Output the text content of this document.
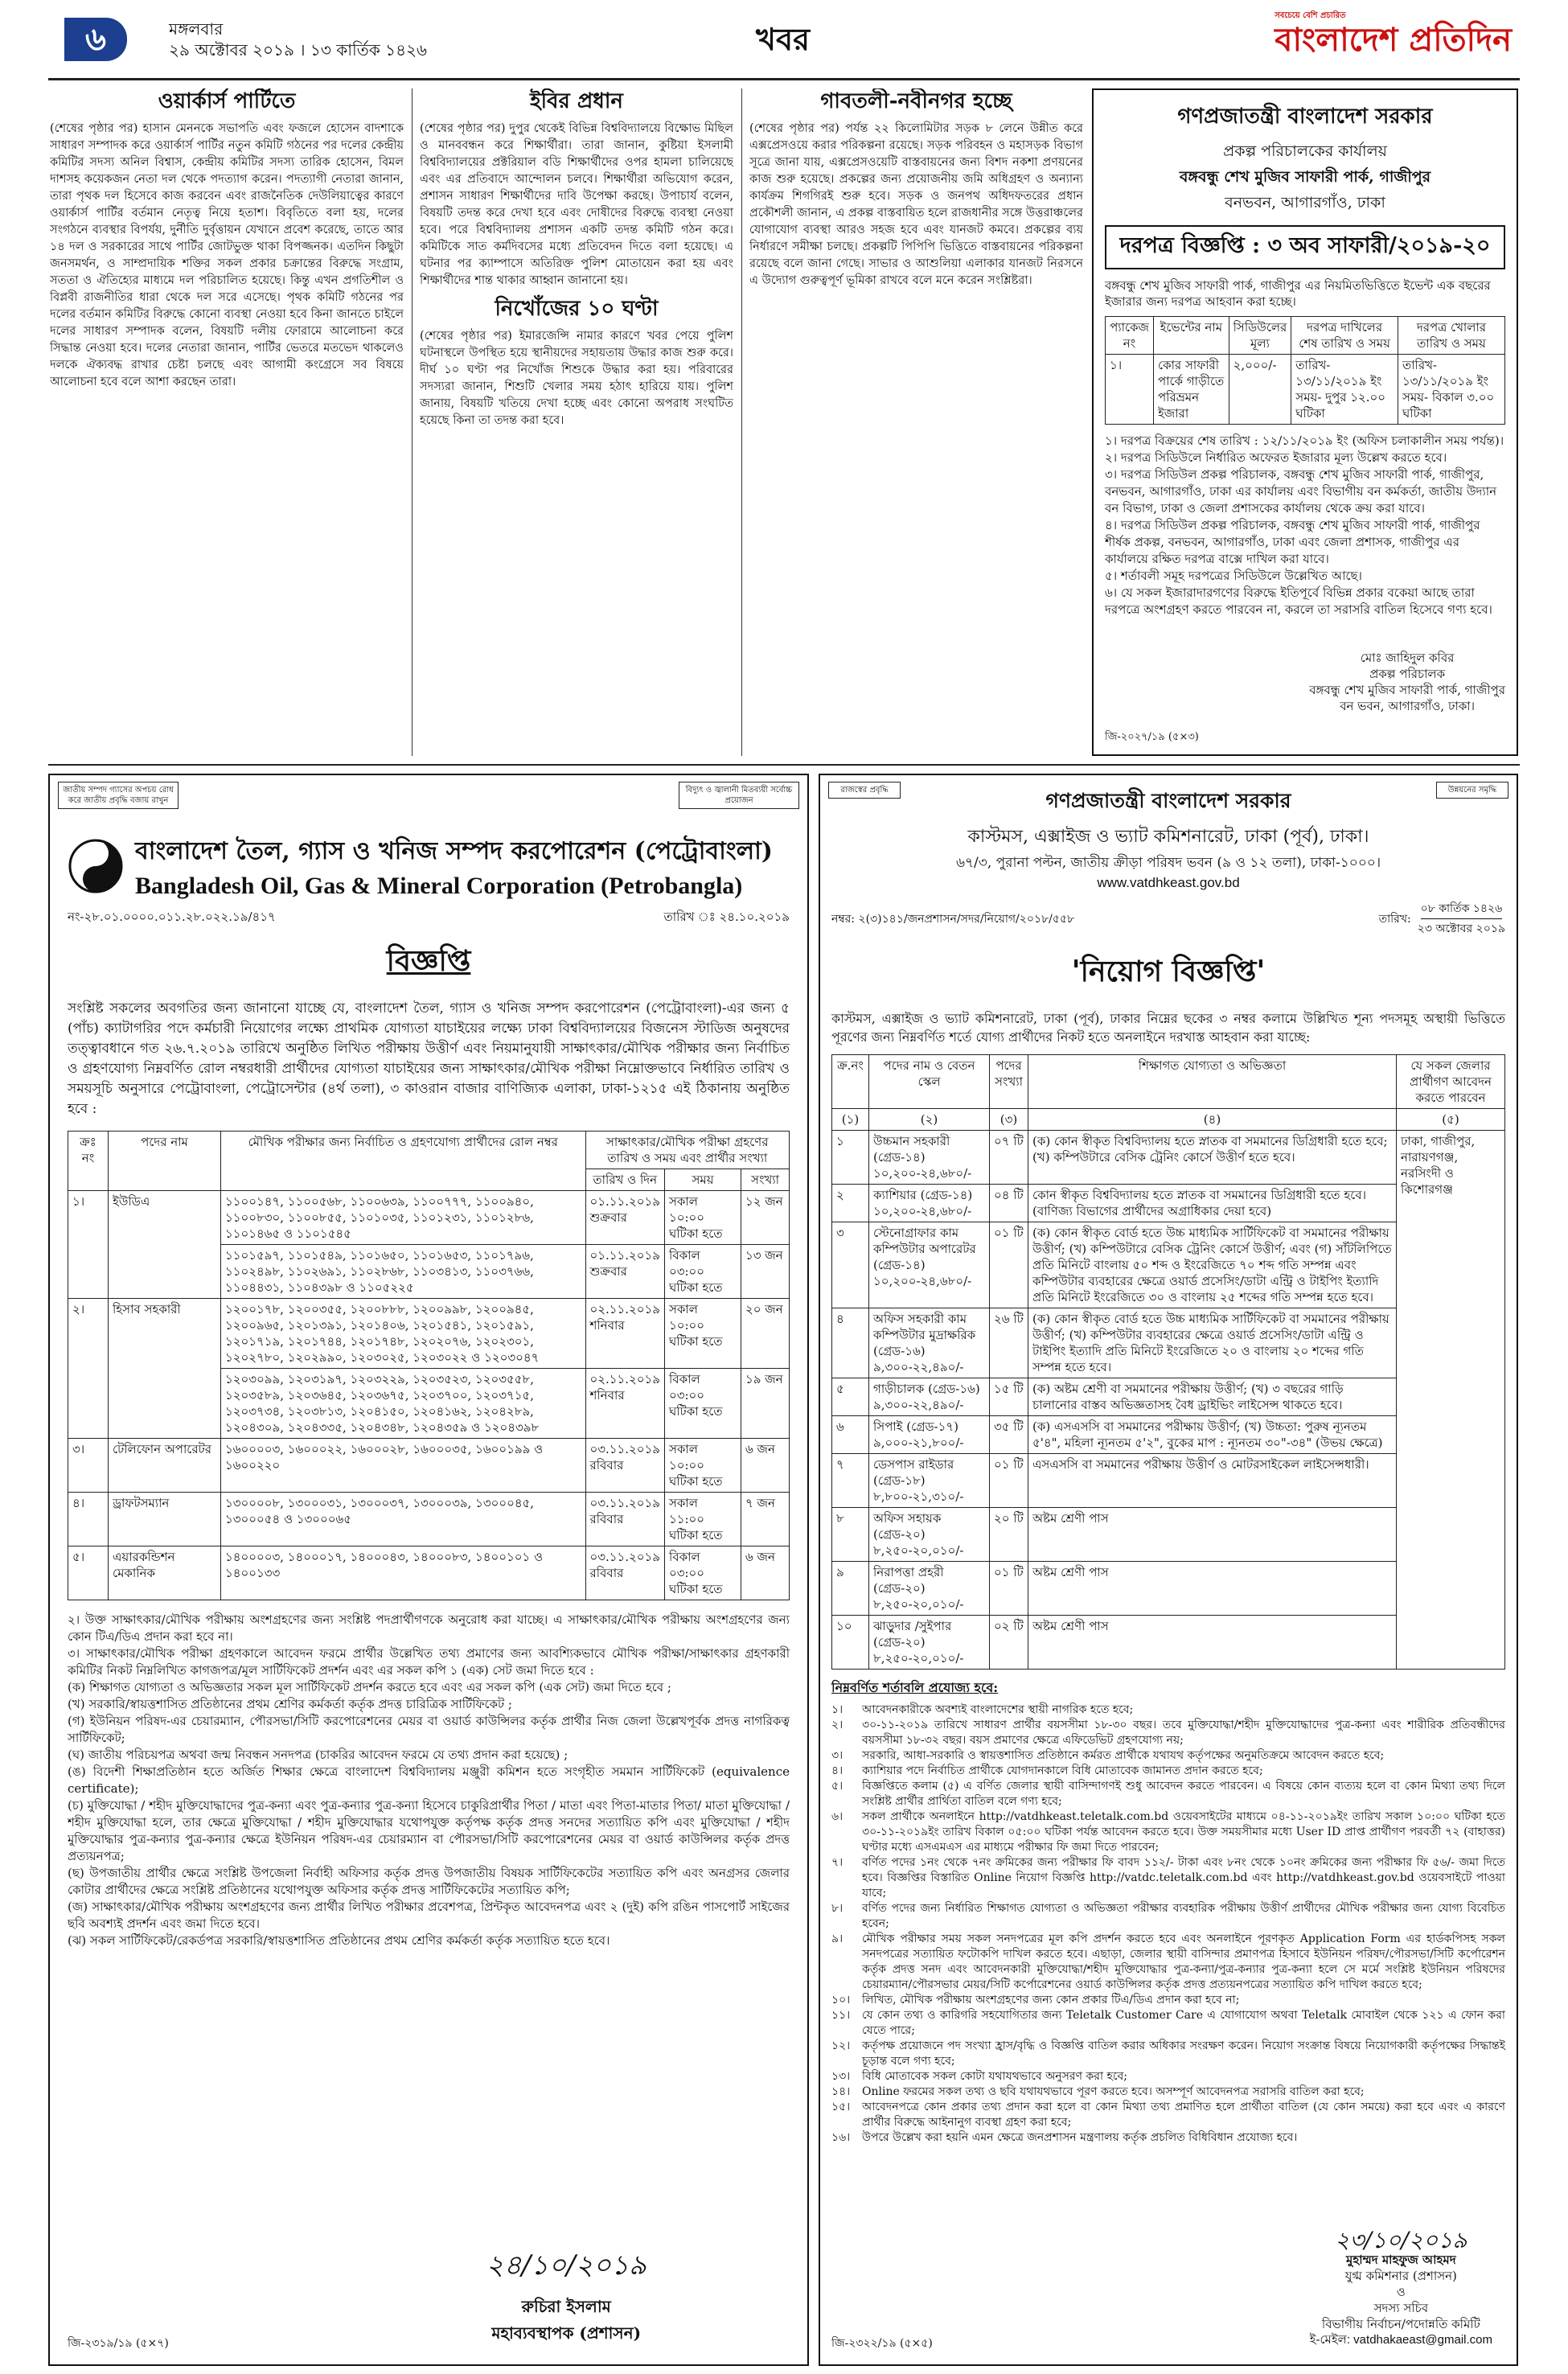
৬	মঙ্গলবার
২৯ অক্টোবর ২০১৯ । ১৩ কার্তিক ১৪২৬	খবর
সবচেয়ে বেশি প্রচারিত
বাংলাদেশ প্রতিদিন
ওয়ার্কার্স পার্টিতে

(শেষের পৃষ্ঠার পর) হাসান মেননকে সভাপতি এবং ফজলে হোসেন বাদশাকে সাধারণ সম্পাদক করে ওয়ার্কার্স পার্টির নতুন কমিটি গঠনের পর দলের কেন্দ্রীয় কমিটির সদস্য অনিল বিশ্বাস, কেন্দ্রীয় কমিটির সদস্য তারিক হোসেন, বিমল দাশসহ কয়েকজন নেতা দল থেকে পদত্যাগ করেন। পদত্যাগী নেতারা জানান, তারা পৃথক দল হিসেবে কাজ করবেন এবং রাজনৈতিক দেউলিয়াত্বের কারণে ওয়ার্কার্স পার্টির বর্তমান নেতৃত্ব নিয়ে হতাশ। বিবৃতিতে বলা হয়, দলের সংগঠনে ব্যবস্থার বিপর্যয়, দুর্নীতি দুর্বৃত্তায়ন যেখানে প্রবেশ করেছে, তাতে আর ১৪ দল ও সরকারের সাথে পার্টির জোটভুক্ত থাকা বিপজ্জনক। এতদিন কিছুটা জনসমর্থন, ও সাম্প্রদায়িক শক্তির সকল প্রকার চক্রান্তের বিরুদ্ধে সংগ্রাম, সততা ও ঐতিহ্যের মাধ্যমে দল পরিচালিত হয়েছে। কিন্তু এখন প্রগতিশীল ও বিপ্লবী রাজনীতির ধারা থেকে দল সরে এসেছে। পৃথক কমিটি গঠনের পর দলের বর্তমান কমিটির বিরুদ্ধে কোনো ব্যবস্থা নেওয়া হবে কিনা জানতে চাইলে দলের সাধারণ সম্পাদক বলেন, বিষয়টি দলীয় ফোরামে আলোচনা করে সিদ্ধান্ত নেওয়া হবে। দলের নেতারা জানান, পার্টির ভেতরে মতভেদ থাকলেও দলকে ঐক্যবদ্ধ রাখার চেষ্টা চলছে এবং আগামী কংগ্রেসে সব বিষয়ে আলোচনা হবে বলে আশা করছেন তারা।

ইবির প্রধান

(শেষের পৃষ্ঠার পর) দুপুর থেকেই বিভিন্ন বিশ্ববিদ্যালয়ে বিক্ষোভ মিছিল ও মানববন্ধন করে শিক্ষার্থীরা। তারা জানান, কুষ্টিয়া ইসলামী বিশ্ববিদ্যালয়ের প্রক্টরিয়াল বডি শিক্ষার্থীদের ওপর হামলা চালিয়েছে এবং এর প্রতিবাদে আন্দোলন চলবে। শিক্ষার্থীরা অভিযোগ করেন, প্রশাসন সাধারণ শিক্ষার্থীদের দাবি উপেক্ষা করছে। উপাচার্য বলেন, বিষয়টি তদন্ত করে দেখা হবে এবং দোষীদের বিরুদ্ধে ব্যবস্থা নেওয়া হবে। পরে বিশ্ববিদ্যালয় প্রশাসন একটি তদন্ত কমিটি গঠন করে। কমিটিকে সাত কর্মদিবসের মধ্যে প্রতিবেদন দিতে বলা হয়েছে। এ ঘটনার পর ক্যাম্পাসে অতিরিক্ত পুলিশ মোতায়েন করা হয় এবং শিক্ষার্থীদের শান্ত থাকার আহ্বান জানানো হয়।

নিখোঁজের ১০ ঘণ্টা

(শেষের পৃষ্ঠার পর) ইমারজেন্সি নামার কারণে খবর পেয়ে পুলিশ ঘটনাস্থলে উপস্থিত হয়ে স্থানীয়দের সহায়তায় উদ্ধার কাজ শুরু করে। দীর্ঘ ১০ ঘণ্টা পর নিখোঁজ শিশুকে উদ্ধার করা হয়। পরিবারের সদস্যরা জানান, শিশুটি খেলার সময় হঠাৎ হারিয়ে যায়। পুলিশ জানায়, বিষয়টি খতিয়ে দেখা হচ্ছে এবং কোনো অপরাধ সংঘটিত হয়েছে কিনা তা তদন্ত করা হবে।

গাবতলী-নবীনগর হচ্ছে

(শেষের পৃষ্ঠার পর) পর্যন্ত ২২ কিলোমিটার সড়ক ৮ লেনে উন্নীত করে এক্সপ্রেসওয়ে করার পরিকল্পনা রয়েছে। সড়ক পরিবহন ও মহাসড়ক বিভাগ সূত্রে জানা যায়, এক্সপ্রেসওয়েটি বাস্তবায়নের জন্য বিশদ নকশা প্রণয়নের কাজ শুরু হয়েছে। প্রকল্পের জন্য প্রয়োজনীয় জমি অধিগ্রহণ ও অন্যান্য কার্যক্রম শিগগিরই শুরু হবে। সড়ক ও জনপথ অধিদফতরের প্রধান প্রকৌশলী জানান, এ প্রকল্প বাস্তবায়িত হলে রাজধানীর সঙ্গে উত্তরাঞ্চলের যোগাযোগ ব্যবস্থা আরও সহজ হবে এবং যানজট কমবে। প্রকল্পের ব্যয় নির্ধারণে সমীক্ষা চলছে। প্রকল্পটি পিপিপি ভিত্তিতে বাস্তবায়নের পরিকল্পনা রয়েছে বলে জানা গেছে। সাভার ও আশুলিয়া এলাকার যানজট নিরসনে এ উদ্যোগ গুরুত্বপূর্ণ ভূমিকা রাখবে বলে মনে করেন সংশ্লিষ্টরা।

গণপ্রজাতন্ত্রী বাংলাদেশ সরকার
প্রকল্প পরিচালকের কার্যালয়
বঙ্গবন্ধু শেখ মুজিব সাফারী পার্ক, গাজীপুর
বনভবন, আগারগাঁও, ঢাকা
দরপত্র বিজ্ঞপ্তি : ৩ অব সাফারী/২০১৯-২০
বঙ্গবন্ধু শেখ মুজিব সাফারী পার্ক, গাজীপুর এর নিয়মিতভিত্তিতে ইভেন্ট এক বছরের ইজারার জন্য দরপত্র আহবান করা হচ্ছে।
প্যাকেজ নং	ইভেন্টের নাম	সিডিউলের মূল্য	দরপত্র দাখিলের শেষ তারিখ ও সময়	দরপত্র খোলার তারিখ ও সময়
১।	কোর সাফারী পার্কে গাড়ীতে পরিভ্রমন ইজারা	২,০০০/-	তারিখ- ১৩/১১/২০১৯ ইং সময়- দুপুর ১২.০০ ঘটিকা	তারিখ- ১৩/১১/২০১৯ ইং সময়- বিকাল ৩.০০ ঘটিকা

১। দরপত্র বিক্রয়ের শেষ তারিখ : ১২/১১/২০১৯ ইং (অফিস চলাকালীন সময় পর্যন্ত)।

২। দরপত্র সিডিউলে নির্ধারিত অফেরত ইজারার মূল্য উল্লেখ করতে হবে।

৩। দরপত্র সিডিউল প্রকল্প পরিচালক, বঙ্গবন্ধু শেখ মুজিব সাফারী পার্ক, গাজীপুর, বনভবন, আগারগাঁও, ঢাকা এর কার্যালয় এবং বিভাগীয় বন কর্মকর্তা, জাতীয় উদ্যান বন বিভাগ, ঢাকা ও জেলা প্রশাসকের কার্যালয় থেকে ক্রয় করা যাবে।

৪। দরপত্র সিডিউল প্রকল্প পরিচালক, বঙ্গবন্ধু শেখ মুজিব সাফারী পার্ক, গাজীপুর শীর্ষক প্রকল্প, বনভবন, আগারগাঁও, ঢাকা এবং জেলা প্রশাসক, গাজীপুর এর কার্যালয়ে রক্ষিত দরপত্র বাক্সে দাখিল করা যাবে।

৫। শর্তাবলী সমূহ দরপত্রের সিডিউলে উল্লেখিত আছে।

৬। যে সকল ইজারাদারগণের বিরুদ্ধে ইতিপূর্বে বিভিন্ন প্রকার বকেয়া আছে তারা দরপত্রে অংশগ্রহণ করতে পারবেন না, করলে তা সরাসরি বাতিল হিসেবে গণ্য হবে।

মোঃ জাহিদুল কবির
প্রকল্প পরিচালক
বঙ্গবন্ধু শেখ মুজিব সাফারী পার্ক, গাজীপুর
বন ভবন, আগারগাঁও, ঢাকা।
জি-২০২৭/১৯ (৫×৩)
জাতীয় সম্পদ গ্যাসের অপচয় রোধ করে জাতীয় প্রবৃদ্ধি বজায় রাখুন
বিদ্যুৎ ও জ্বালানী মিতব্যয়ী সর্বোচ্চ প্রয়োজন
বাংলাদেশ তৈল, গ্যাস ও খনিজ সম্পদ করপোরেশন (পেট্রোবাংলা)
Bangladesh Oil, Gas & Mineral Corporation (Petrobangla)
নং-২৮.০১.০০০০.০১১.২৮.০২২.১৯/৪১৭	তারিখ ঃ ২৪.১০.২০১৯
বিজ্ঞপ্তি
সংশ্লিষ্ট সকলের অবগতির জন্য জানানো যাচ্ছে যে, বাংলাদেশ তৈল, গ্যাস ও খনিজ সম্পদ করপোরেশন (পেট্রোবাংলা)-এর জন্য ৫ (পাঁচ) ক্যাটাগরির পদে কর্মচারী নিয়োগের লক্ষ্যে প্রাথমিক যোগ্যতা যাচাইয়ের লক্ষ্যে ঢাকা বিশ্ববিদ্যালয়ের বিজনেস স্টাডিজ অনুষদের তত্ত্বাবধানে গত ২৬.৭.২০১৯ তারিখে অনুষ্ঠিত লিখিত পরীক্ষায় উত্তীর্ণ এবং নিয়মানুযায়ী সাক্ষাৎকার/মৌখিক পরীক্ষার জন্য নির্বাচিত ও গ্রহণযোগ্য নিম্নবর্ণিত রোল নম্বরধারী প্রার্থীদের যোগ্যতা যাচাইয়ের জন্য সাক্ষাৎকার/মৌখিক পরীক্ষা নিম্নোক্তভাবে নির্ধারিত তারিখ ও সময়সূচি অনুসারে পেট্রোবাংলা, পেট্রোসেন্টার (৪র্থ তলা), ৩ কাওরান বাজার বাণিজ্যিক এলাকা, ঢাকা-১২১৫ এই ঠিকানায় অনুষ্ঠিত হবে :
ক্রঃ নং	পদের নাম	মৌখিক পরীক্ষার জন্য নির্বাচিত ও গ্রহণযোগ্য প্রার্থীদের রোল নম্বর	সাক্ষাৎকার/মৌখিক পরীক্ষা গ্রহণের তারিখ ও সময় এবং প্রার্থীর সংখ্যা		
			তারিখ ও দিন	সময়	সংখ্যা
১।	ইউডিএ	১১০০১৪৭, ১১০০৫৬৮, ১১০০৬৩৯, ১১০০৭৭৭, ১১০০৯৪০, ১১০০৮৩০, ১১০০৮৫৫, ১১০১০৩৫, ১১০১২৩১, ১১০১২৮৬, ১১০১৪৬৫ ও ১১০১৫৪৫	০১.১১.২০১৯ শুক্রবার	সকাল ১০:০০ ঘটিকা হতে	১২ জন
		১১০১৫৯৭, ১১০১৫৪৯, ১১০১৬৫০, ১১০১৬৫৩, ১১০১৭৯৬, ১১০২৪৯৮, ১১০২৬৯১, ১১০২৮৬৮, ১১০৩৪১৩, ১১০৩৭৬৬, ১১০৪৪৩১, ১১০৪৩৯৮ ও ১১০৫২২৫	০১.১১.২০১৯ শুক্রবার	বিকাল ০৩:০০ ঘটিকা হতে	১৩ জন
২।	হিসাব সহকারী	১২০০১৭৮, ১২০০৩৫৫, ১২০০৮৮৮, ১২০০৯৯৮, ১২০০৯৪৫, ১২০০৯৬৫, ১২০১৩৯১, ১২০১৪০৬, ১২০১৫৪১, ১২০১৫৯১, ১২০১৭১৯, ১২০১৭৪৪, ১২০১৭৪৮, ১২০২০৭৬, ১২০২৩০১, ১২০২৭৮০, ১২০২৯৯০, ১২০৩০২৫, ১২০৩০২২ ও ১২০৩০৪৭	০২.১১.২০১৯ শনিবার	সকাল ১০:০০ ঘটিকা হতে	২০ জন
		১২০৩০৯৯, ১২০৩১৯৭, ১২০৩২২৯, ১২০৩৫২৩, ১২০৩৫৫৮, ১২০৩৫৮৯, ১২০৩৬৪৫, ১২০৩৬৭৫, ১২০৩৭০০, ১২০৩৭১৫, ১২০৩৭৩৪, ১২০৩৮১৩, ১২০৪১৫০, ১২০৪১৬২, ১২০৪২৮৯, ১২০৪৩০৯, ১২০৪৩৩৫, ১২০৪৩৪৮, ১২০৪৩৫৯ ও ১২০৪৩৯৮	০২.১১.২০১৯ শনিবার	বিকাল ০৩:০০ ঘটিকা হতে	১৯ জন
৩।	টেলিফোন অপারেটর	১৬০০০০৩, ১৬০০০২২, ১৬০০০২৮, ১৬০০০৩৫, ১৬০০১৯৯ ও ১৬০০২২০	০৩.১১.২০১৯ রবিবার	সকাল ১০:০০ ঘটিকা হতে	৬ জন
৪।	ড্রাফটসম্যান	১৩০০০০৮, ১৩০০০৩১, ১৩০০০৩৭, ১৩০০০৩৯, ১৩০০০৪৫, ১৩০০০৫৪ ও ১৩০০০৬৫	০৩.১১.২০১৯ রবিবার	সকাল ১১:০০ ঘটিকা হতে	৭ জন
৫।	এয়ারকন্ডিশন মেকানিক	১৪০০০০৩, ১৪০০০১৭, ১৪০০০৪৩, ১৪০০০৮৩, ১৪০০১০১ ও ১৪০০১৩৩	০৩.১১.২০১৯ রবিবার	বিকাল ০৩:০০ ঘটিকা হতে	৬ জন

২। উক্ত সাক্ষাৎকার/মৌখিক পরীক্ষায় অংশগ্রহণের জন্য সংশ্লিষ্ট পদপ্রার্থীগণকে অনুরোধ করা যাচ্ছে। এ সাক্ষাৎকার/মৌখিক পরীক্ষায় অংশগ্রহণের জন্য কোন টিএ/ডিএ প্রদান করা হবে না।

৩। সাক্ষাৎকার/মৌখিক পরীক্ষা গ্রহণকালে আবেদন ফরমে প্রার্থীর উল্লেখিত তথ্য প্রমাণের জন্য আবশ্যিকভাবে মৌখিক পরীক্ষা/সাক্ষাৎকার গ্রহণকারী কমিটির নিকট নিম্নলিখিত কাগজপত্র/মূল সার্টিফিকেট প্রদর্শন এবং এর সকল কপি ১ (এক) সেট জমা দিতে হবে :

(ক) শিক্ষাগত যোগ্যতা ও অভিজ্ঞতার সকল মূল সার্টিফিকেট প্রদর্শন করতে হবে এবং এর সকল কপি (এক সেট) জমা দিতে হবে ;

(খ) সরকারি/স্বায়ত্তশাসিত প্রতিষ্ঠানের প্রথম শ্রেণির কর্মকর্তা কর্তৃক প্রদত্ত চারিত্রিক সার্টিফিকেট ;

(গ) ইউনিয়ন পরিষদ-এর চেয়ারম্যান, পৌরসভা/সিটি করপোরেশনের মেয়র বা ওয়ার্ড কাউন্সিলর কর্তৃক প্রার্থীর নিজ জেলা উল্লেখপূর্বক প্রদত্ত নাগরিকত্ব সার্টিফিকেট;

(ঘ) জাতীয় পরিচয়পত্র অথবা জন্ম নিবন্ধন সনদপত্র (চাকরির আবেদন ফরমে যে তথ্য প্রদান করা হয়েছে) ;

(ঙ) বিদেশী শিক্ষাপ্রতিষ্ঠান হতে অর্জিত শিক্ষার ক্ষেত্রে বাংলাদেশ বিশ্ববিদ্যালয় মঞ্জুরী কমিশন হতে সংগৃহীত সমমান সার্টিফিকেট (equivalence certificate);

(চ) মুক্তিযোদ্ধা / শহীদ মুক্তিযোদ্ধাদের পুত্র-কন্যা এবং পুত্র-কন্যার পুত্র-কন্যা হিসেবে চাকুরিপ্রার্থীর পিতা / মাতা এবং পিতা-মাতার পিতা/ মাতা মুক্তিযোদ্ধা / শহীদ মুক্তিযোদ্ধা হলে, তার ক্ষেত্রে মুক্তিযোদ্ধা / শহীদ মুক্তিযোদ্ধার যথোপযুক্ত কর্তৃপক্ষ কর্তৃক প্রদত্ত সনদের সত্যায়িত কপি এবং মুক্তিযোদ্ধা / শহীদ মুক্তিযোদ্ধার পুত্র-কন্যার পুত্র-কন্যার ক্ষেত্রে ইউনিয়ন পরিষদ-এর চেয়ারম্যান বা পৌরসভা/সিটি করপোরেশনের মেয়র বা ওয়ার্ড কাউন্সিলর কর্তৃক প্রদত্ত প্রত্যয়নপত্র;

(ছ) উপজাতীয় প্রার্থীর ক্ষেত্রে সংশ্লিষ্ট উপজেলা নির্বাহী অফিসার কর্তৃক প্রদত্ত উপজাতীয় বিষয়ক সার্টিফিকেটের সত্যায়িত কপি এবং অনগ্রসর জেলার কোটার প্রার্থীদের ক্ষেত্রে সংশ্লিষ্ট প্রতিষ্ঠানের যথোপযুক্ত অফিসার কর্তৃক প্রদত্ত সার্টিফিকেটের সত্যায়িত কপি;

(জ) সাক্ষাৎকার/মৌখিক পরীক্ষায় অংশগ্রহণের জন্য প্রার্থীর লিখিত পরীক্ষার প্রবেশপত্র, প্রিন্টকৃত আবেদনপত্র এবং ২ (দুই) কপি রঙিন পাসপোর্ট সাইজের ছবি অবশ্যই প্রদর্শন এবং জমা দিতে হবে।

(ঝ) সকল সার্টিফিকেট/রেকর্ডপত্র সরকারি/স্বায়ত্তশাসিত প্রতিষ্ঠানের প্রথম শ্রেণির কর্মকর্তা কর্তৃক সত্যায়িত হতে হবে।

২৪/১০/২০১৯
রুচিরা ইসলাম
মহাব্যবস্থাপক (প্রশাসন)
জি-২৩১৯/১৯ (৫×৭)
রাজস্বের প্রবৃদ্ধি	উন্নয়নের সমৃদ্ধি
গণপ্রজাতন্ত্রী বাংলাদেশ সরকার
কাস্টমস, এক্সাইজ ও ভ্যাট কমিশনারেট, ঢাকা (পূর্ব), ঢাকা।
৬৭/৩, পুরানা পল্টন, জাতীয় ক্রীড়া পরিষদ ভবন (৯ ও ১২ তলা), ঢাকা-১০০০।
www.vatdhkeast.gov.bd
নম্বর: ২(৩)১৪১/জনপ্রশাসন/সদর/নিয়োগ/২০১৮/৫৫৮	তারিখ:
০৮ কার্তিক ১৪২৬
২৩ অক্টোবর ২০১৯
'নিয়োগ বিজ্ঞপ্তি'
কাস্টমস, এক্সাইজ ও ভ্যাট কমিশনারেট, ঢাকা (পূর্ব), ঢাকার নিম্নের ছকের ৩ নম্বর কলামে উল্লিখিত শূন্য পদসমূহ অস্থায়ী ভিত্তিতে পূরণের জন্য নিম্নবর্ণিত শর্তে যোগ্য প্রার্থীদের নিকট হতে অনলাইনে দরখাস্ত আহবান করা যাচ্ছে:
ক্র.নং	পদের নাম ও বেতন স্কেল	পদের সংখ্যা	শিক্ষাগত যোগ্যতা ও অভিজ্ঞতা	যে সকল জেলার প্রার্থীগণ আবেদন করতে পারবেন
(১)	(২)	(৩)	(৪)	(৫)
১	উচ্চমান সহকারী (গ্রেড-১৪) ১০,২০০-২৪,৬৮০/-	০৭ টি	(ক) কোন স্বীকৃত বিশ্ববিদ্যালয় হতে স্নাতক বা সমমানের ডিগ্রিধারী হতে হবে; (খ) কম্পিউটারে বেসিক ট্রেনিং কোর্সে উত্তীর্ণ হতে হবে।	ঢাকা, গাজীপুর, নারায়ণগঞ্জ, নরসিংদী ও কিশোরগঞ্জ
২	ক্যাশিয়ার (গ্রেড-১৪) ১০,২০০-২৪,৬৮০/-	০৪ টি	কোন স্বীকৃত বিশ্ববিদ্যালয় হতে স্নাতক বা সমমানের ডিগ্রিধারী হতে হবে। (বাণিজ্য বিভাগের প্রার্থীদের অগ্রাধিকার দেয়া হবে)	
৩	স্টেনোগ্রাফার কাম কম্পিউটার অপারেটর (গ্রেড-১৪) ১০,২০০-২৪,৬৮০/-	০১ টি	(ক) কোন স্বীকৃত বোর্ড হতে উচ্চ মাধ্যমিক সার্টিফিকেট বা সমমানের পরীক্ষায় উত্তীর্ণ; (খ) কম্পিউটারে বেসিক ট্রেনিং কোর্সে উত্তীর্ণ; এবং (গ) সাঁটলিপিতে প্রতি মিনিটে বাংলায় ৫০ শব্দ ও ইংরেজিতে ৭০ শব্দ গতি সম্পন্ন এবং কম্পিউটার ব্যবহারের ক্ষেত্রে ওয়ার্ড প্রসেসিং/ডাটা এন্ট্রি ও টাইপিং ইত্যাদি প্রতি মিনিটে ইংরেজিতে ৩০ ও বাংলায় ২৫ শব্দের গতি সম্পন্ন হতে হবে।	
৪	অফিস সহকারী কাম কম্পিউটার মুদ্রাক্ষরিক (গ্রেড-১৬) ৯,৩০০-২২,৪৯০/-	২৬ টি	(ক) কোন স্বীকৃত বোর্ড হতে উচ্চ মাধ্যমিক সার্টিফিকেট বা সমমানের পরীক্ষায় উত্তীর্ণ; (খ) কম্পিউটার ব্যবহারের ক্ষেত্রে ওয়ার্ড প্রসেসিং/ডাটা এন্ট্রি ও টাইপিং ইত্যাদি প্রতি মিনিটে ইংরেজিতে ২০ ও বাংলায় ২০ শব্দের গতি সম্পন্ন হতে হবে।	
৫	গাড়ীচালক (গ্রেড-১৬) ৯,৩০০-২২,৪৯০/-	১৫ টি	(ক) অষ্টম শ্রেণী বা সমমানের পরীক্ষায় উত্তীর্ণ; (খ) ৩ বছরের গাড়ি চালানোর বাস্তব অভিজ্ঞতাসহ বৈধ ড্রাইভিং লাইসেন্স থাকতে হবে।	
৬	সিপাই (গ্রেড-১৭) ৯,০০০-২১,৮০০/-	৩৫ টি	(ক) এসএসসি বা সমমানের পরীক্ষায় উত্তীর্ণ; (খ) উচ্চতা: পুরুষ ন্যূনতম ৫'৪", মহিলা ন্যূনতম ৫'২", বুকের মাপ : ন্যূনতম ৩০"-৩৪" (উভয় ক্ষেত্রে)	
৭	ডেসপাস রাইডার (গ্রেড-১৮) ৮,৮০০-২১,৩১০/-	০১ টি	এসএসসি বা সমমানের পরীক্ষায় উত্তীর্ণ ও মোটরসাইকেল লাইসেন্সধারী।	
৮	অফিস সহায়ক (গ্রেড-২০) ৮,২৫০-২০,০১০/-	২০ টি	অষ্টম শ্রেণী পাস	
৯	নিরাপত্তা প্রহরী (গ্রেড-২০) ৮,২৫০-২০,০১০/-	০১ টি	অষ্টম শ্রেণী পাস	
১০	ঝাড়ুদার /সুইপার (গ্রেড-২০) ৮,২৫০-২০,০১০/-	০২ টি	অষ্টম শ্রেণী পাস	
নিম্নবর্ণিত শর্তাবলি প্রযোজ্য হবে:
১।	আবেদনকারীকে অবশ্যই বাংলাদেশের স্থায়ী নাগরিক হতে হবে;
২।	৩০-১১-২০১৯ তারিখে সাধারণ প্রার্থীর বয়সসীমা ১৮-৩০ বছর। তবে মুক্তিযোদ্ধা/শহীদ মুক্তিযোদ্ধাদের পুত্র-কন্যা এবং শারীরিক প্রতিবন্ধীদের বয়সসীমা ১৮-৩২ বছর। বয়স প্রমাণের ক্ষেত্রে এফিডেভিট গ্রহণযোগ্য নয়;
৩।	সরকারি, আধা-সরকারি ও স্বায়ত্তশাসিত প্রতিষ্ঠানে কর্মরত প্রার্থীকে যথাযথ কর্তৃপক্ষের অনুমতিক্রমে আবেদন করতে হবে;
৪।	ক্যাশিয়ার পদে নির্বাচিত প্রার্থীকে যোগদানকালে বিধি মোতাবেক জামানত প্রদান করতে হবে;
৫।	বিজ্ঞপ্তিতে কলাম (৫) এ বর্ণিত জেলার স্থায়ী বাসিন্দাগণই শুধু আবেদন করতে পারবেন। এ বিষয়ে কোন ব্যত্যয় হলে বা কোন মিথ্যা তথ্য দিলে সংশ্লিষ্ট প্রার্থীর প্রার্থিতা বাতিল বলে গণ্য হবে;
৬।	সকল প্রার্থীকে অনলাইনে http://vatdhkeast.teletalk.com.bd ওয়েবসাইটের মাধ্যমে ০৪-১১-২০১৯ইং তারিখ সকাল ১০:০০ ঘটিকা হতে ৩০-১১-২০১৯ইং তারিখ বিকাল ০৫:০০ ঘটিকা পর্যন্ত আবেদন করতে হবে। উক্ত সময়সীমার মধ্যে User ID প্রাপ্ত প্রার্থীগণ পরবর্তী ৭২ (বাহাত্তর) ঘণ্টার মধ্যে এসএমএস এর মাধ্যমে পরীক্ষার ফি জমা দিতে পারবেন;
৭।	বর্ণিত পদের ১নং থেকে ৭নং ক্রমিকের জন্য পরীক্ষার ফি বাবদ ১১২/- টাকা এবং ৮নং থেকে ১০নং ক্রমিকের জন্য পরীক্ষার ফি ৫৬/- জমা দিতে হবে। বিজ্ঞপ্তির বিস্তারিত Online নিয়োগ বিজ্ঞপ্তি http://vatdc.teletalk.com.bd এবং http://vatdhkeast.gov.bd ওয়েবসাইটে পাওয়া যাবে;
৮।	বর্ণিত পদের জন্য নির্ধারিত শিক্ষাগত যোগ্যতা ও অভিজ্ঞতা পরীক্ষার ব্যবহারিক পরীক্ষায় উত্তীর্ণ প্রার্থীদের মৌখিক পরীক্ষার জন্য যোগ্য বিবেচিত হবেন;
৯।	মৌখিক পরীক্ষার সময় সকল সনদপত্রের মূল কপি প্রদর্শন করতে হবে এবং অনলাইনে পূরণকৃত Application Form এর হার্ডকপিসহ সকল সনদপত্রের সত্যায়িত ফটোকপি দাখিল করতে হবে। এছাড়া, জেলার স্থায়ী বাসিন্দার প্রমাণপত্র হিসাবে ইউনিয়ন পরিষদ/পৌরসভা/সিটি কর্পোরেশন কর্তৃক প্রদত্ত সনদ এবং আবেদনকারী মুক্তিযোদ্ধা/শহীদ মুক্তিযোদ্ধার পুত্র-কন্যা/পুত্র-কন্যার পুত্র-কন্যা হলে সে মর্মে সংশ্লিষ্ট ইউনিয়ন পরিষদের চেয়ারম্যান/পৌরসভার মেয়র/সিটি কর্পোরেশনের ওয়ার্ড কাউন্সিলর কর্তৃক প্রদত্ত প্রত্যয়নপত্রের সত্যায়িত কপি দাখিল করতে হবে;
১০।	লিখিত, মৌখিক পরীক্ষায় অংশগ্রহণের জন্য কোন প্রকার টিএ/ডিএ প্রদান করা হবে না;
১১।	যে কোন তথ্য ও কারিগরি সহযোগিতার জন্য Teletalk Customer Care এ যোগাযোগ অথবা Teletalk মোবাইল থেকে ১২১ এ ফোন করা যেতে পারে;
১২।	কর্তৃপক্ষ প্রয়োজনে পদ সংখ্যা হ্রাস/বৃদ্ধি ও বিজ্ঞপ্তি বাতিল করার অধিকার সংরক্ষণ করেন। নিয়োগ সংক্রান্ত বিষয়ে নিয়োগকারী কর্তৃপক্ষের সিদ্ধান্তই চূড়ান্ত বলে গণ্য হবে;
১৩।	বিধি মোতাবেক সকল কোটা যথাযথভাবে অনুসরণ করা হবে;
১৪।	Online ফরমের সকল তথ্য ও ছবি যথাযথভাবে পূরণ করতে হবে। অসম্পূর্ণ আবেদনপত্র সরাসরি বাতিল করা হবে;
১৫।	আবেদনপত্রে কোন প্রকার তথ্য প্রদান করা হলে বা কোন মিথ্যা তথ্য প্রমাণিত হলে প্রার্থীতা বাতিল (যে কোন সময়ে) করা হবে এবং এ কারণে প্রার্থীর বিরুদ্ধে আইনানুগ ব্যবস্থা গ্রহণ করা হবে;
১৬।	উপরে উল্লেখ করা হয়নি এমন ক্ষেত্রে জনপ্রশাসন মন্ত্রণালয় কর্তৃক প্রচলিত বিধিবিধান প্রযোজ্য হবে।
২৩/১০/২০১৯
মুহাম্মদ মাহফুজ আহমদ
যুগ্ম কমিশনার (প্রশাসন)
ও
সদস্য সচিব
বিভাগীয় নির্বাচন/পদোন্নতি কমিটি
ই-মেইল: vatdhakaeast@gmail.com
জি-২৩২২/১৯ (৫×৫)
